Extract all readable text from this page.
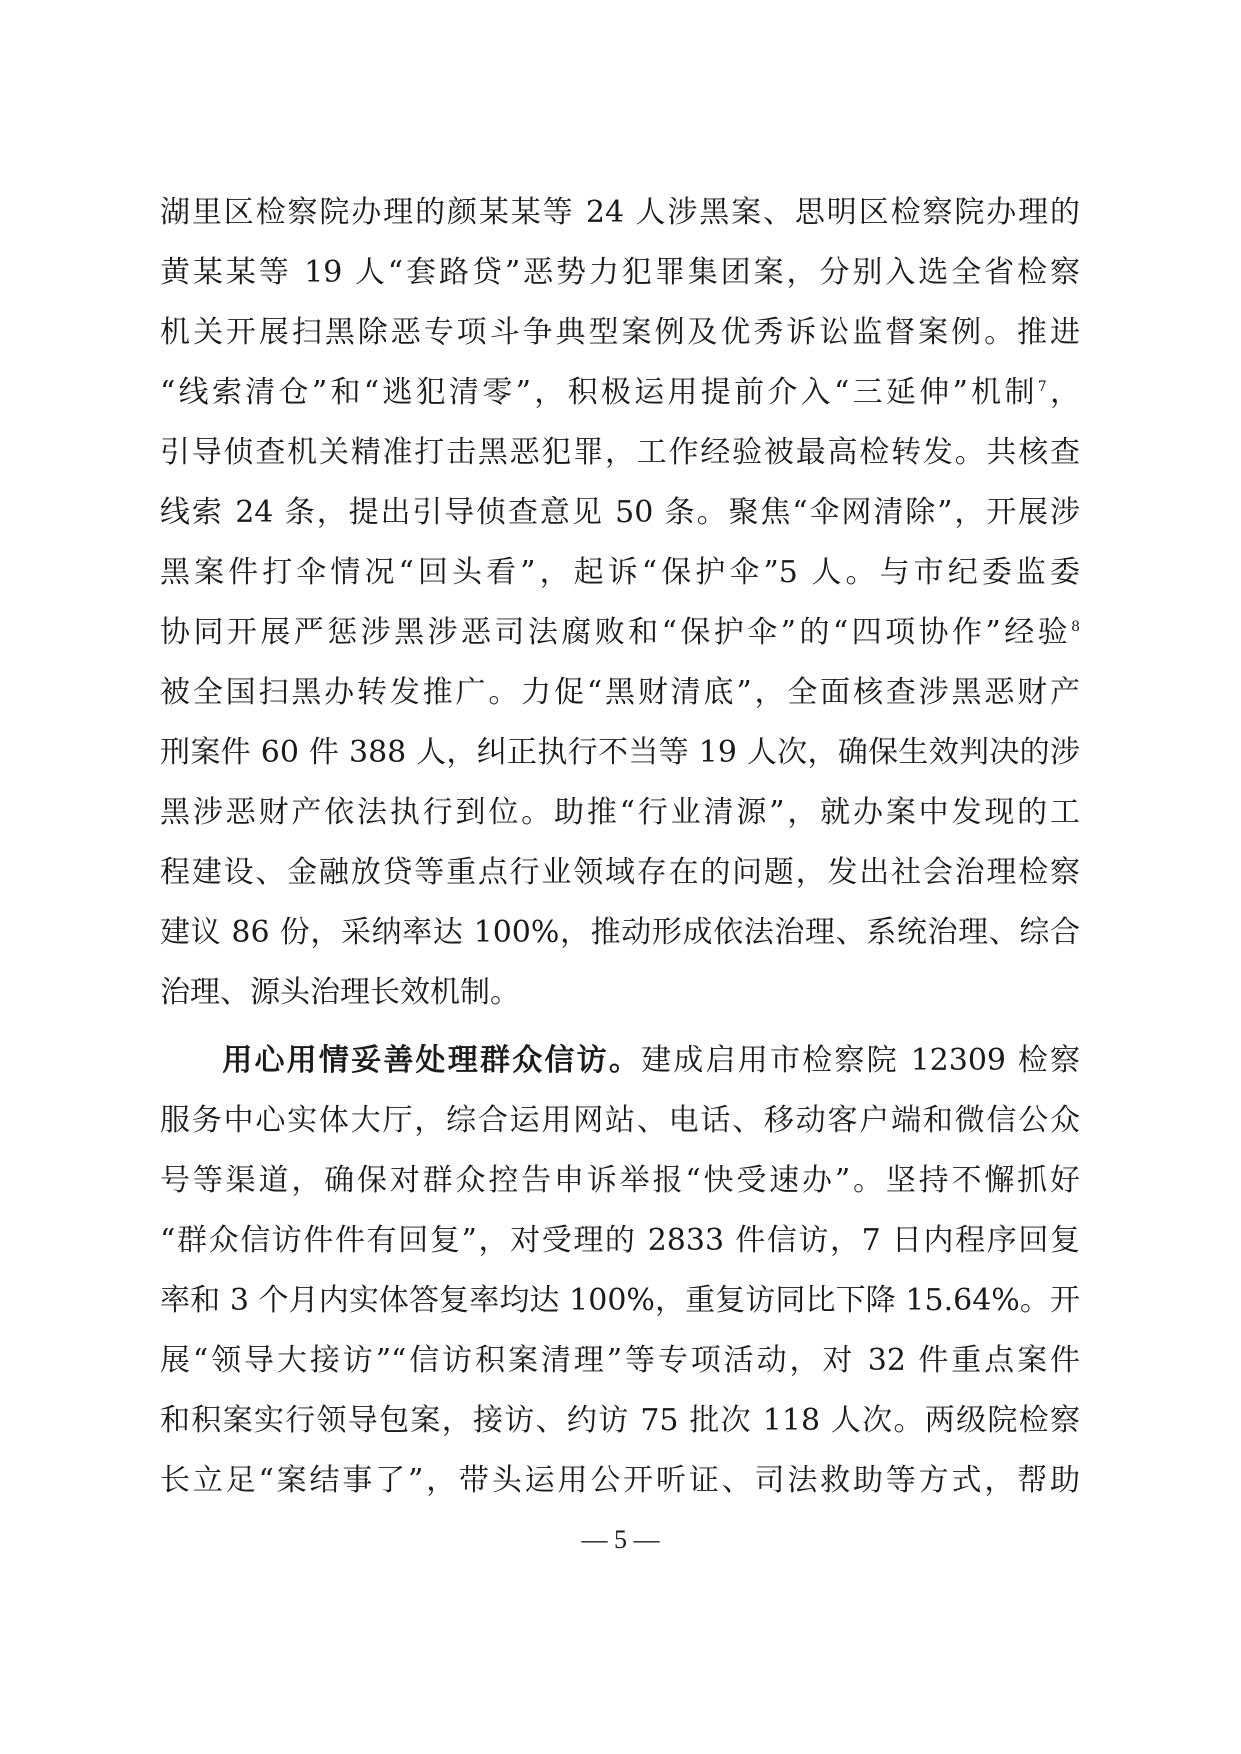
湖里区检察院办理的颜某某等 24 人涉黑案、思明区检察院办理的
黄某某等 19 人“套路贷”恶势力犯罪集团案，分别入选全省检察
机关开展扫黑除恶专项斗争典型案例及优秀诉讼监督案例。推进
“线索清仓”和“逃犯清零”，积极运用提前介入“三延伸”机制$^7$，
引导侦查机关精准打击黑恶犯罪，工作经验被最高检转发。共核查
线索 24 条，提出引导侦查意见 50 条。聚焦“伞网清除”，开展涉
黑案件打伞情况“回头看”，起诉“保护伞”5 人。与市纪委监委
协同开展严惩涉黑涉恶司法腐败和“保护伞”的“四项协作”经验$^8$
被全国扫黑办转发推广。力促“黑财清底”，全面核查涉黑恶财产
刑案件 60 件 388 人，纠正执行不当等 19 人次，确保生效判决的涉
黑涉恶财产依法执行到位。助推“行业清源”，就办案中发现的工
程建设、金融放贷等重点行业领域存在的问题，发出社会治理检察
建议 86 份，采纳率达 100%，推动形成依法治理、系统治理、综合
治理、源头治理长效机制。
用心用情妥善处理群众信访。建成启用市检察院 12309 检察
服务中心实体大厅，综合运用网站、电话、移动客户端和微信公众
号等渠道，确保对群众控告申诉举报“快受速办”。坚持不懈抓好
“群众信访件件有回复”，对受理的 2833 件信访，7 日内程序回复
率和 3 个月内实体答复率均达 100%，重复访同比下降 15.64%。开
展“领导大接访”“信访积案清理”等专项活动，对 32 件重点案件
和积案实行领导包案，接访、约访 75 批次 118 人次。两级院检察
长立足“案结事了”，带头运用公开听证、司法救助等方式，帮助
— 5 —
